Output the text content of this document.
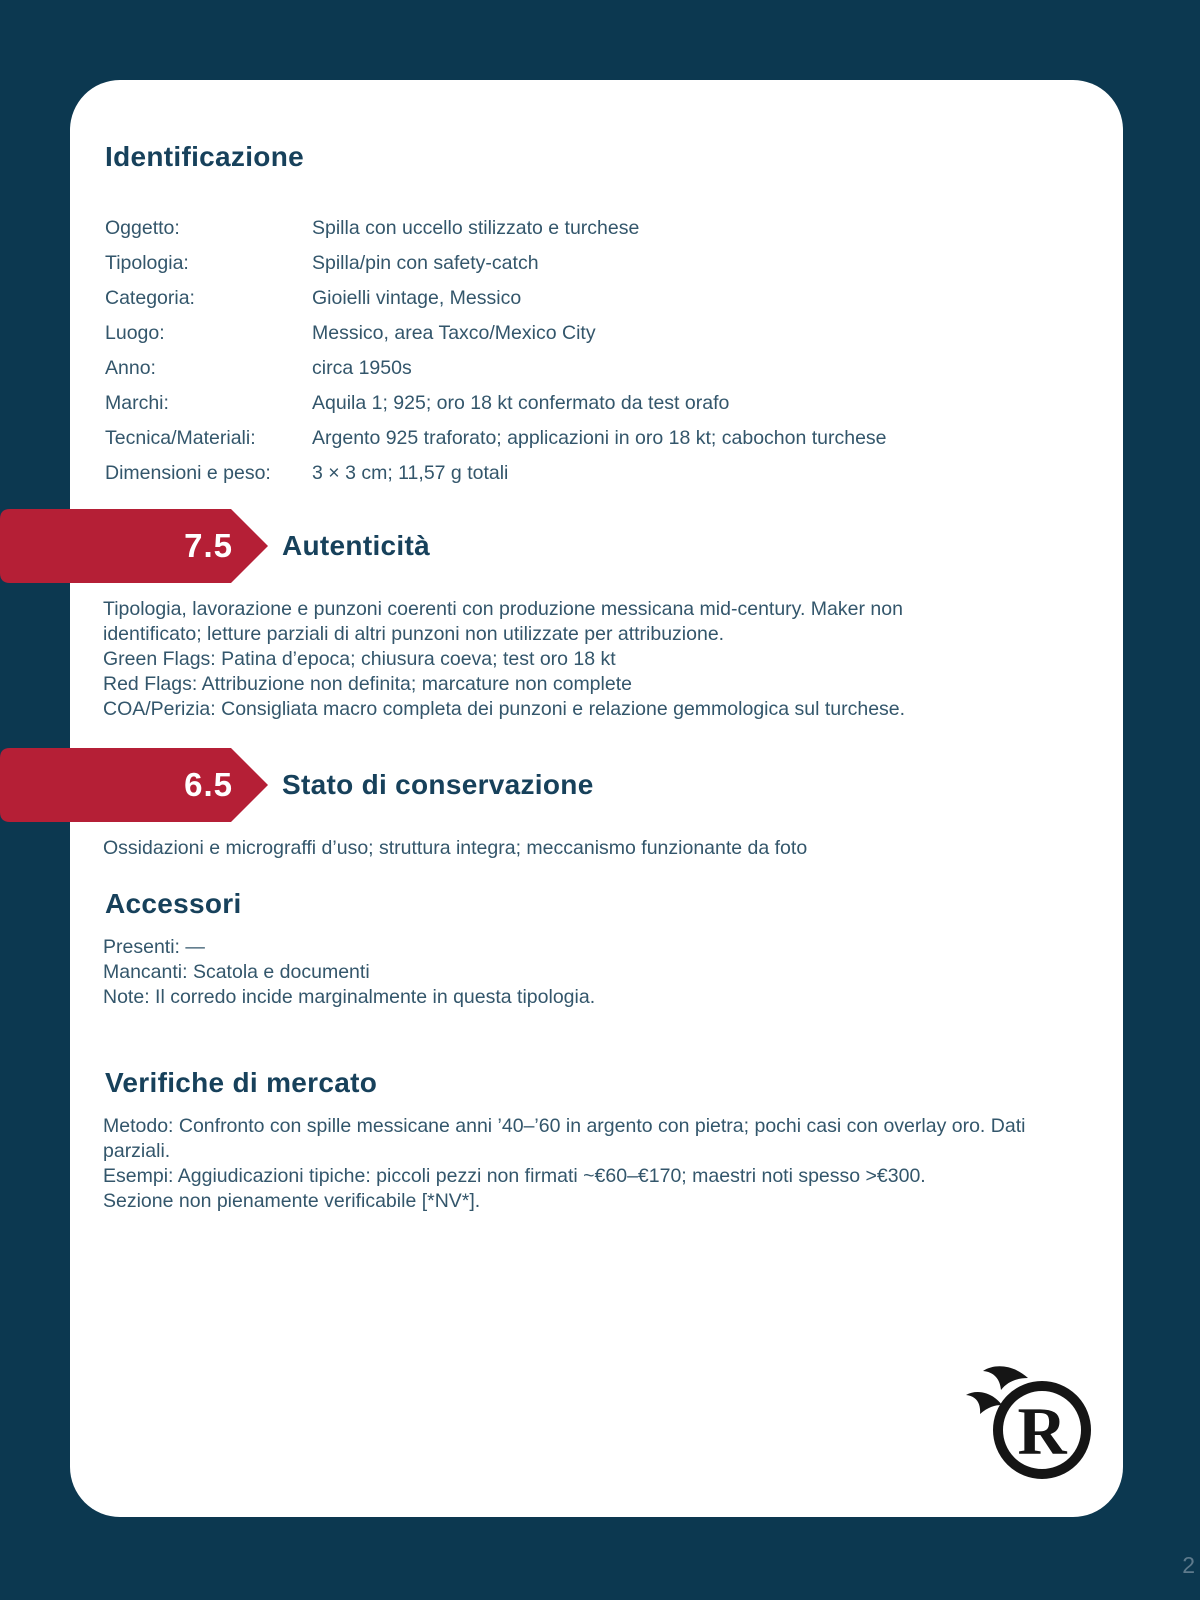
Identificazione
Oggetto:	Spilla con uccello stilizzato e turchese
Tipologia:	Spilla/pin con safety-catch
Categoria:	Gioielli vintage, Messico
Luogo:	Messico, area Taxco/Mexico City
Anno:	circa 1950s
Marchi:	Aquila 1; 925; oro 18 kt confermato da test orafo
Tecnica/Materiali:	Argento 925 traforato; applicazioni in oro 18 kt; cabochon turchese
Dimensioni e peso:	3 × 3 cm; 11,57 g totali
7.5 Autenticità
Tipologia, lavorazione e punzoni coerenti con produzione messicana mid-century. Maker non identificato; letture parziali di altri punzoni non utilizzate per attribuzione.
Green Flags: Patina d’epoca; chiusura coeva; test oro 18 kt
Red Flags: Attribuzione non definita; marcature non complete
COA/Perizia: Consigliata macro completa dei punzoni e relazione gemmologica sul turchese.
6.5 Stato di conservazione
Ossidazioni e micrograffi d’uso; struttura integra; meccanismo funzionante da foto
Accessori
Presenti: —
Mancanti: Scatola e documenti
Note: Il corredo incide marginalmente in questa tipologia.
Verifiche di mercato
Metodo: Confronto con spille messicane anni ’40–’60 in argento con pietra; pochi casi con overlay oro. Dati parziali.
Esempi: Aggiudicazioni tipiche: piccoli pezzi non firmati ~€60–€170; maestri noti spesso >€300.
Sezione non pienamente verificabile [*NV*].
R
2
